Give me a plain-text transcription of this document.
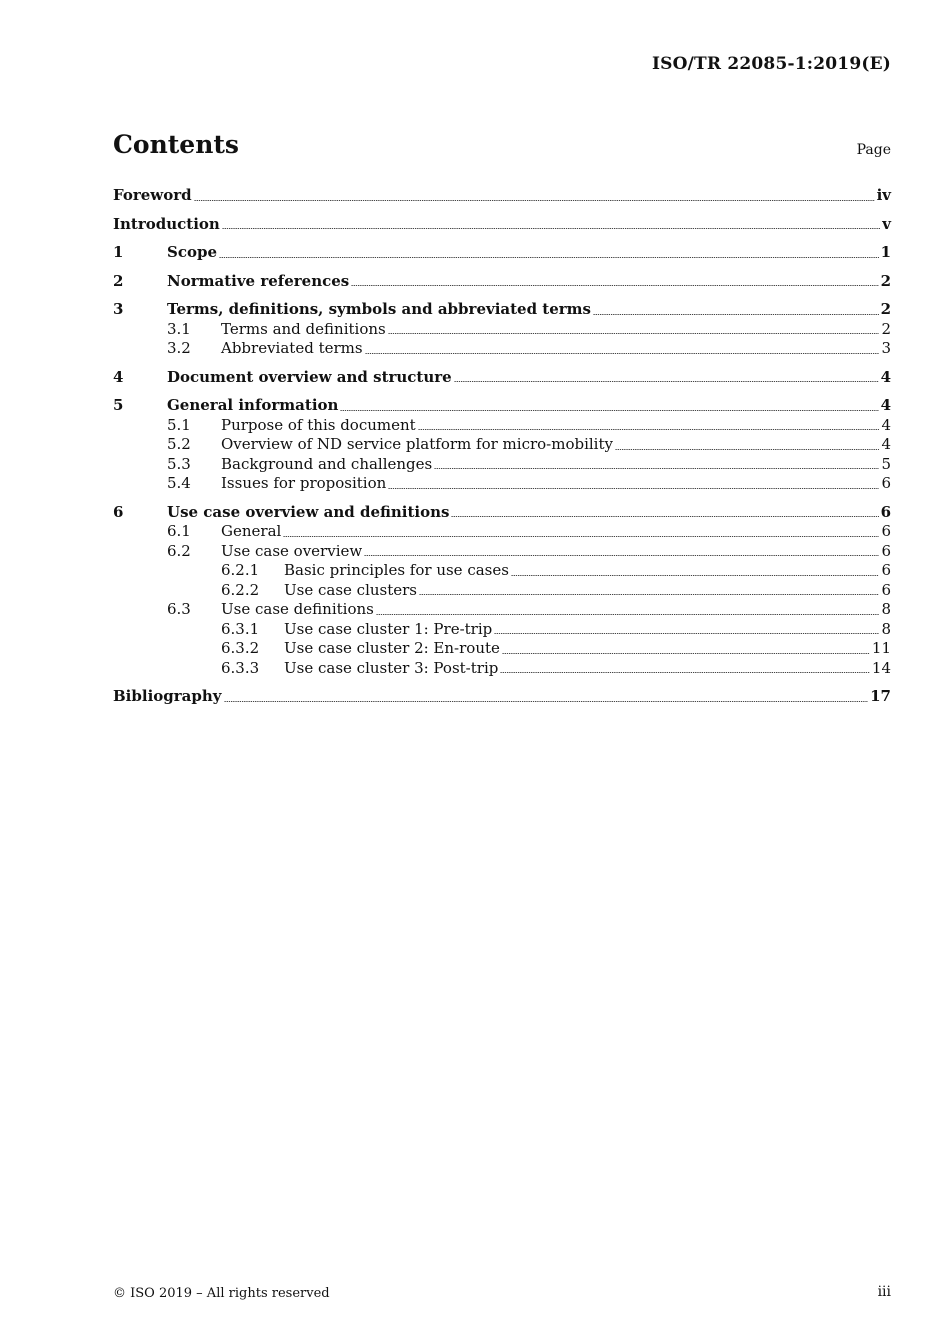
ISO/TR 22085-1:2019(E)
Contents	Page
Foreword	iv
Introduction	v
1	Scope	1
2	Normative references	2
3	Terms, definitions, symbols and abbreviated terms	2
3.1	Terms and definitions	2
3.2	Abbreviated terms	3
4	Document overview and structure	4
5	General information	4
5.1	Purpose of this document	4
5.2	Overview of ND service platform for micro-mobility	4
5.3	Background and challenges	5
5.4	Issues for proposition	6
6	Use case overview and definitions	6
6.1	General	6
6.2	Use case overview	6
6.2.1	Basic principles for use cases	6
6.2.2	Use case clusters	6
6.3	Use case definitions	8
6.3.1	Use case cluster 1: Pre-trip	8
6.3.2	Use case cluster 2: En-route	11
6.3.3	Use case cluster 3: Post-trip	14
Bibliography	17
© ISO 2019 – All rights reserved	iii
